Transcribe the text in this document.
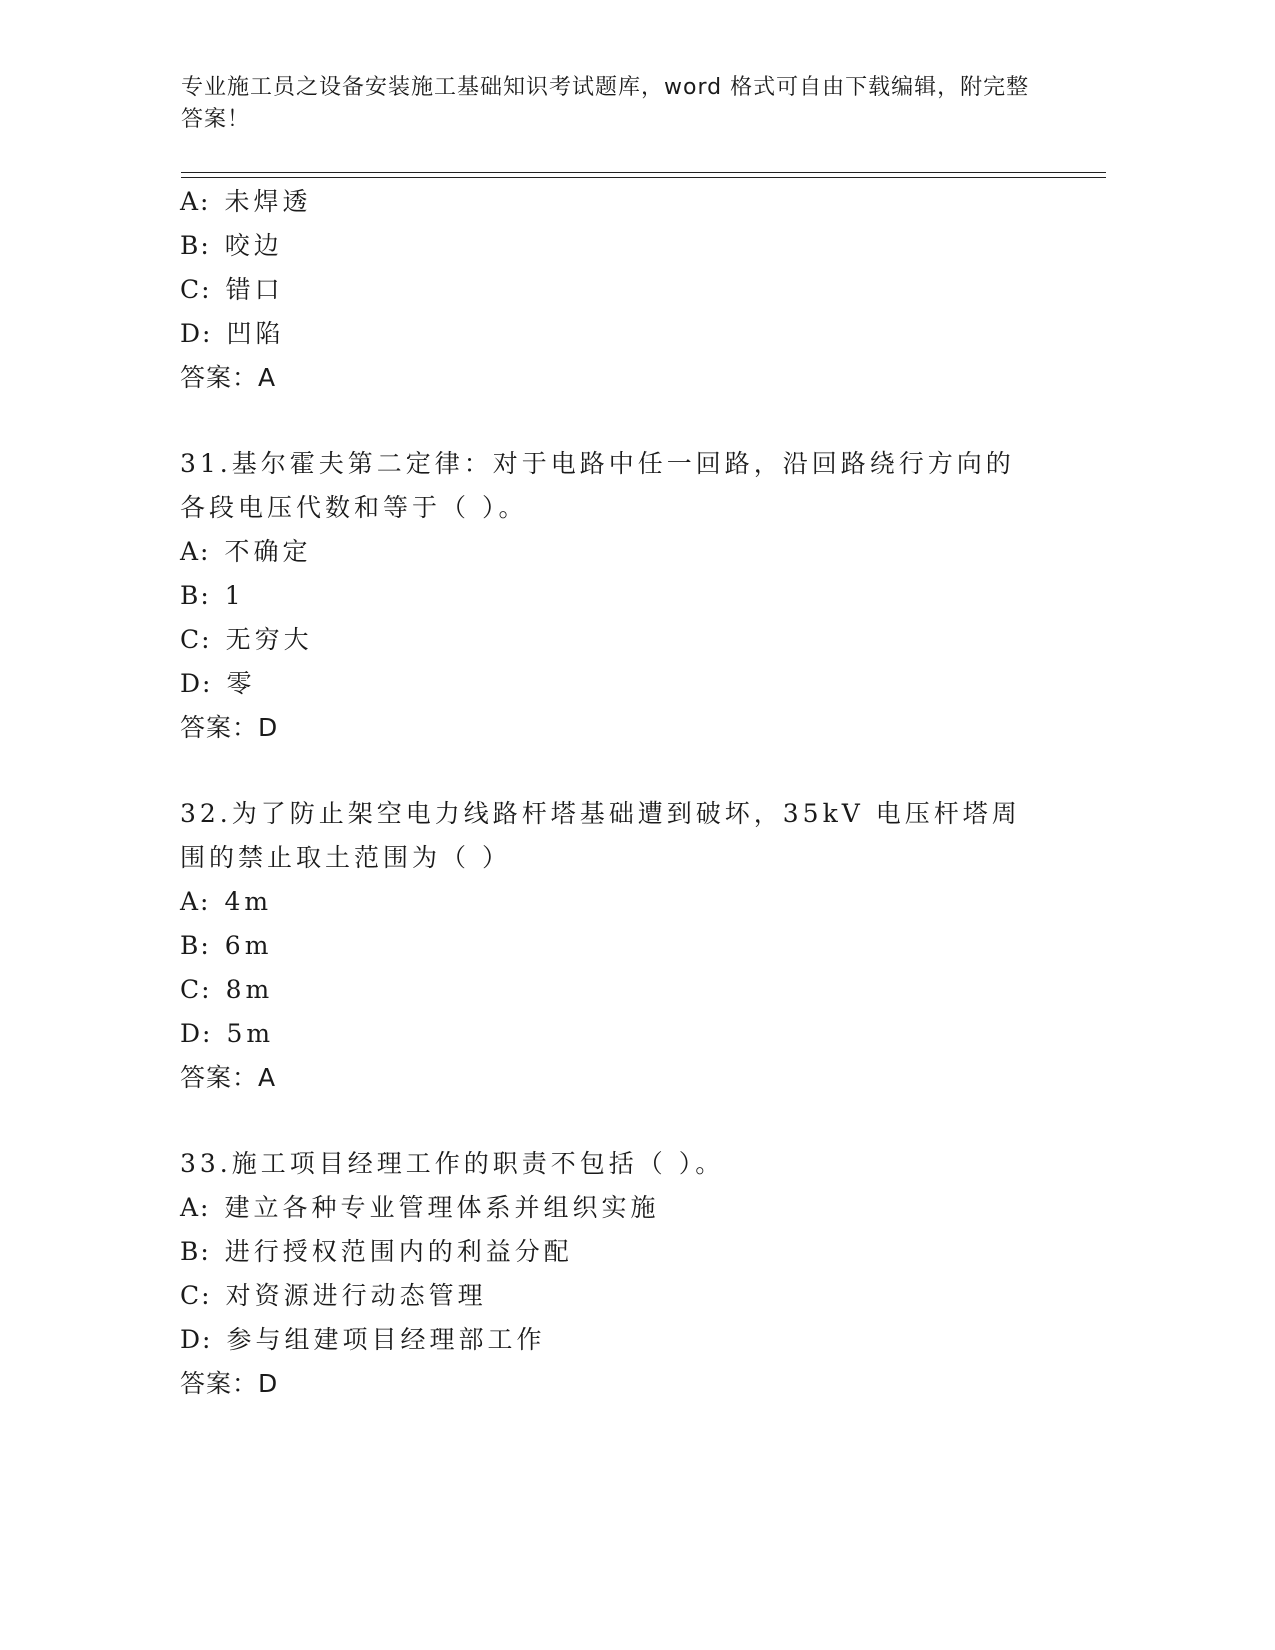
专业施工员之设备安装施工基础知识考试题库，word 格式可自由下载编辑，附完整答案！
A: 未焊透
B: 咬边
C: 错口
D: 凹陷
答案：A
31.基尔霍夫第二定律：对于电路中任一回路，沿回路绕行方向的各段电压代数和等于（ ）。
A: 不确定
B: 1
C: 无穷大
D: 零
答案：D
32.为了防止架空电力线路杆塔基础遭到破坏，35kV 电压杆塔周围的禁止取土范围为（ ）
A: 4m
B: 6m
C: 8m
D: 5m
答案：A
33.施工项目经理工作的职责不包括（ ）。
A: 建立各种专业管理体系并组织实施
B: 进行授权范围内的利益分配
C: 对资源进行动态管理
D: 参与组建项目经理部工作
答案：D
